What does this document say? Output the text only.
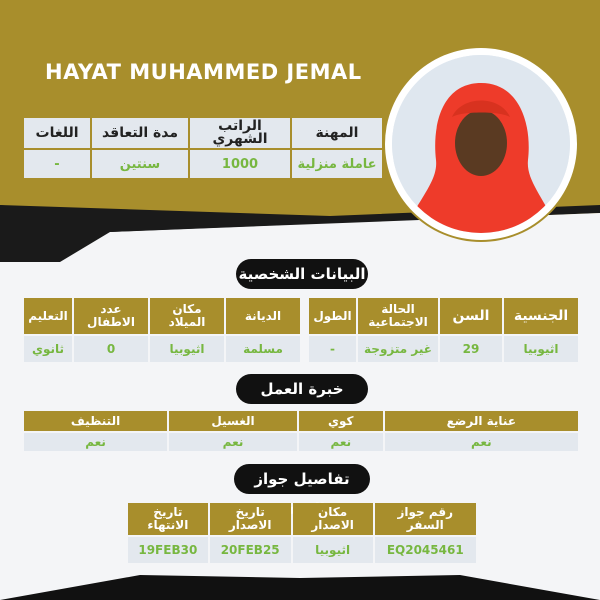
HAYAT MUHAMMED JEMAL
المهنة	الراتب الشهري	مدة التعاقد	اللغات
عاملة منزلية	1000	سنتين	-
البيانات الشخصية
الجنسية	السن	الحالة الاجتماعية	الطول
اثيوبيا	29	غير متزوجة	-
الديانة	مكان الميلاد	عدد الاطفال	التعليم
مسلمة	اثيوبيا	0	ثانوي
خبرة العمل
عناية الرضع	كوي	الغسيل	التنظيف
نعم	نعم	نعم	نعم
تفاصيل جواز
رقم جواز السفر	مكان الاصدار	تاريخ الاصدار	تاريخ الانتهاء
EQ2045461	اثيوبيا	20FEB25	19FEB30
